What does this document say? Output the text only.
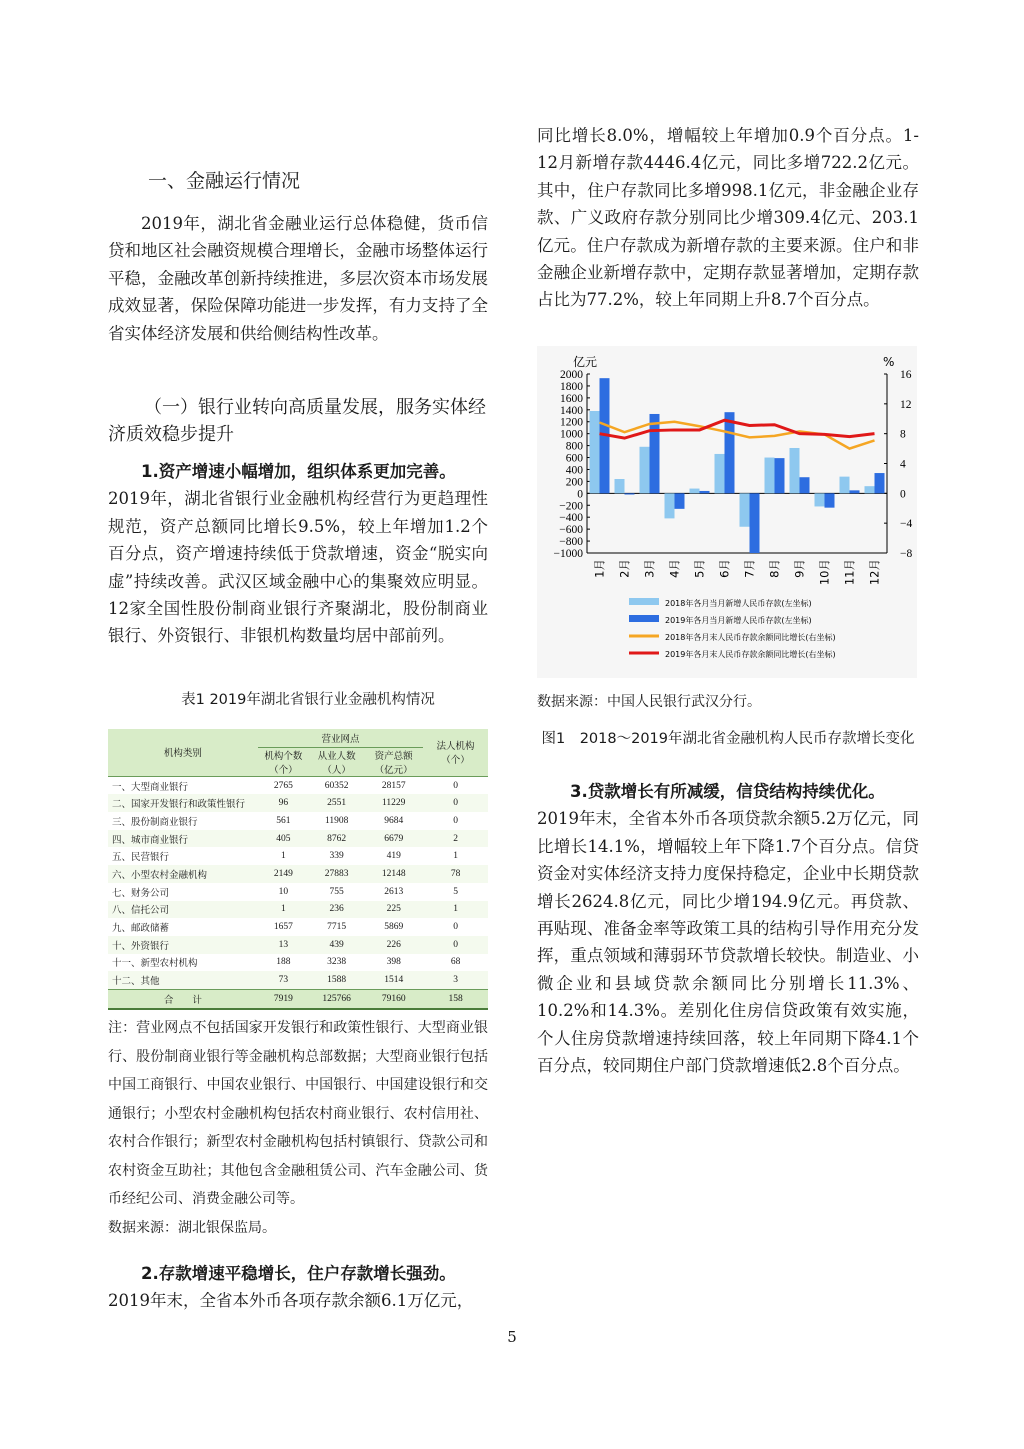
一、金融运行情况

2019年，湖北省金融业运行总体稳健，货币信贷和地区社会融资规模合理增长，金融市场整体运行平稳，金融改革创新持续推进，多层次资本市场发展成效显著，保险保障功能进一步发挥，有力支持了全省实体经济发展和供给侧结构性改革。

（一）银行业转向高质量发展，服务实体经济质效稳步提升

1.资产增速小幅增加，组织体系更加完善。

2019年，湖北省银行业金融机构经营行为更趋理性规范，资产总额同比增长9.5%，较上年增加1.2个百分点，资产增速持续低于贷款增速，资金“脱实向虚”持续改善。武汉区域金融中心的集聚效应明显。12家全国性股份制商业银行齐聚湖北，股份制商业银行、外资银行、非银机构数量均居中部前列。

表1 2019年湖北省银行业金融机构情况

机构类别	营业网点			法人机构（个）
	机构个数（个）	从业人数（人）	资产总额（亿元）	
一、大型商业银行	2765	60352	28157	0
二、国家开发银行和政策性银行	96	2551	11229	0
三、股份制商业银行	561	11908	9684	0
四、城市商业银行	405	8762	6679	2
五、民营银行	1	339	419	1
六、小型农村金融机构	2149	27883	12148	78
七、财务公司	10	755	2613	5
八、信托公司	1	236	225	1
九、邮政储蓄	1657	7715	5869	0
十、外资银行	13	439	226	0
十一、新型农村机构	188	3238	398	68
十二、其他	73	1588	1514	3
合　　计	7919	125766	79160	158

注：营业网点不包括国家开发银行和政策性银行、大型商业银行、股份制商业银行等金融机构总部数据；大型商业银行包括中国工商银行、中国农业银行、中国银行、中国建设银行和交通银行；小型农村金融机构包括农村商业银行、农村信用社、农村合作银行；新型农村金融机构包括村镇银行、贷款公司和农村资金互助社；其他包含金融租赁公司、汽车金融公司、货币经纪公司、消费金融公司等。

数据来源：湖北银保监局。

2.存款增速平稳增长，住户存款增长强劲。

2019年末，全省本外币各项存款余额6.1万亿元，

同比增长8.0%，增幅较上年增加0.9个百分点。1-12月新增存款4446.4亿元，同比多增722.2亿元。其中，住户存款同比多增998.1亿元，非金融企业存款、广义政府存款分别同比少增309.4亿元、203.1亿元。住户存款成为新增存款的主要来源。住户和非金融企业新增存款中，定期存款显著增加，定期存款占比为77.2%，较上年同期上升8.7个百分点。

2000
1800
1600
1400
1200
1000
800
600
400
200
0
−200
−400
−600
−800
−1000
16
12
8
4
0
−4
−8
亿元	%
1月 2月 3月 4月 5月 6月 7月 8月 9月 10月 11月 12月
2018年各月当月新增人民币存款(左坐标)
2019年各月当月新增人民币存款(左坐标)
2018年各月末人民币存款余额同比增长(右坐标)
2019年各月末人民币存款余额同比增长(右坐标)

数据来源：中国人民银行武汉分行。

图1　2018～2019年湖北省金融机构人民币存款增长变化

3.贷款增长有所减缓，信贷结构持续优化。

2019年末，全省本外币各项贷款余额5.2万亿元，同比增长14.1%，增幅较上年下降1.7个百分点。信贷资金对实体经济支持力度保持稳定，企业中长期贷款增长2624.8亿元，同比少增194.9亿元。再贷款、再贴现、准备金率等政策工具的结构引导作用充分发挥，重点领域和薄弱环节贷款增长较快。制造业、小微企业和县域贷款余额同比分别增长11.3%、10.2%和14.3%。差别化住房信贷政策有效实施，个人住房贷款增速持续回落，较上年同期下降4.1个百分点，较同期住户部门贷款增速低2.8个百分点。

5
